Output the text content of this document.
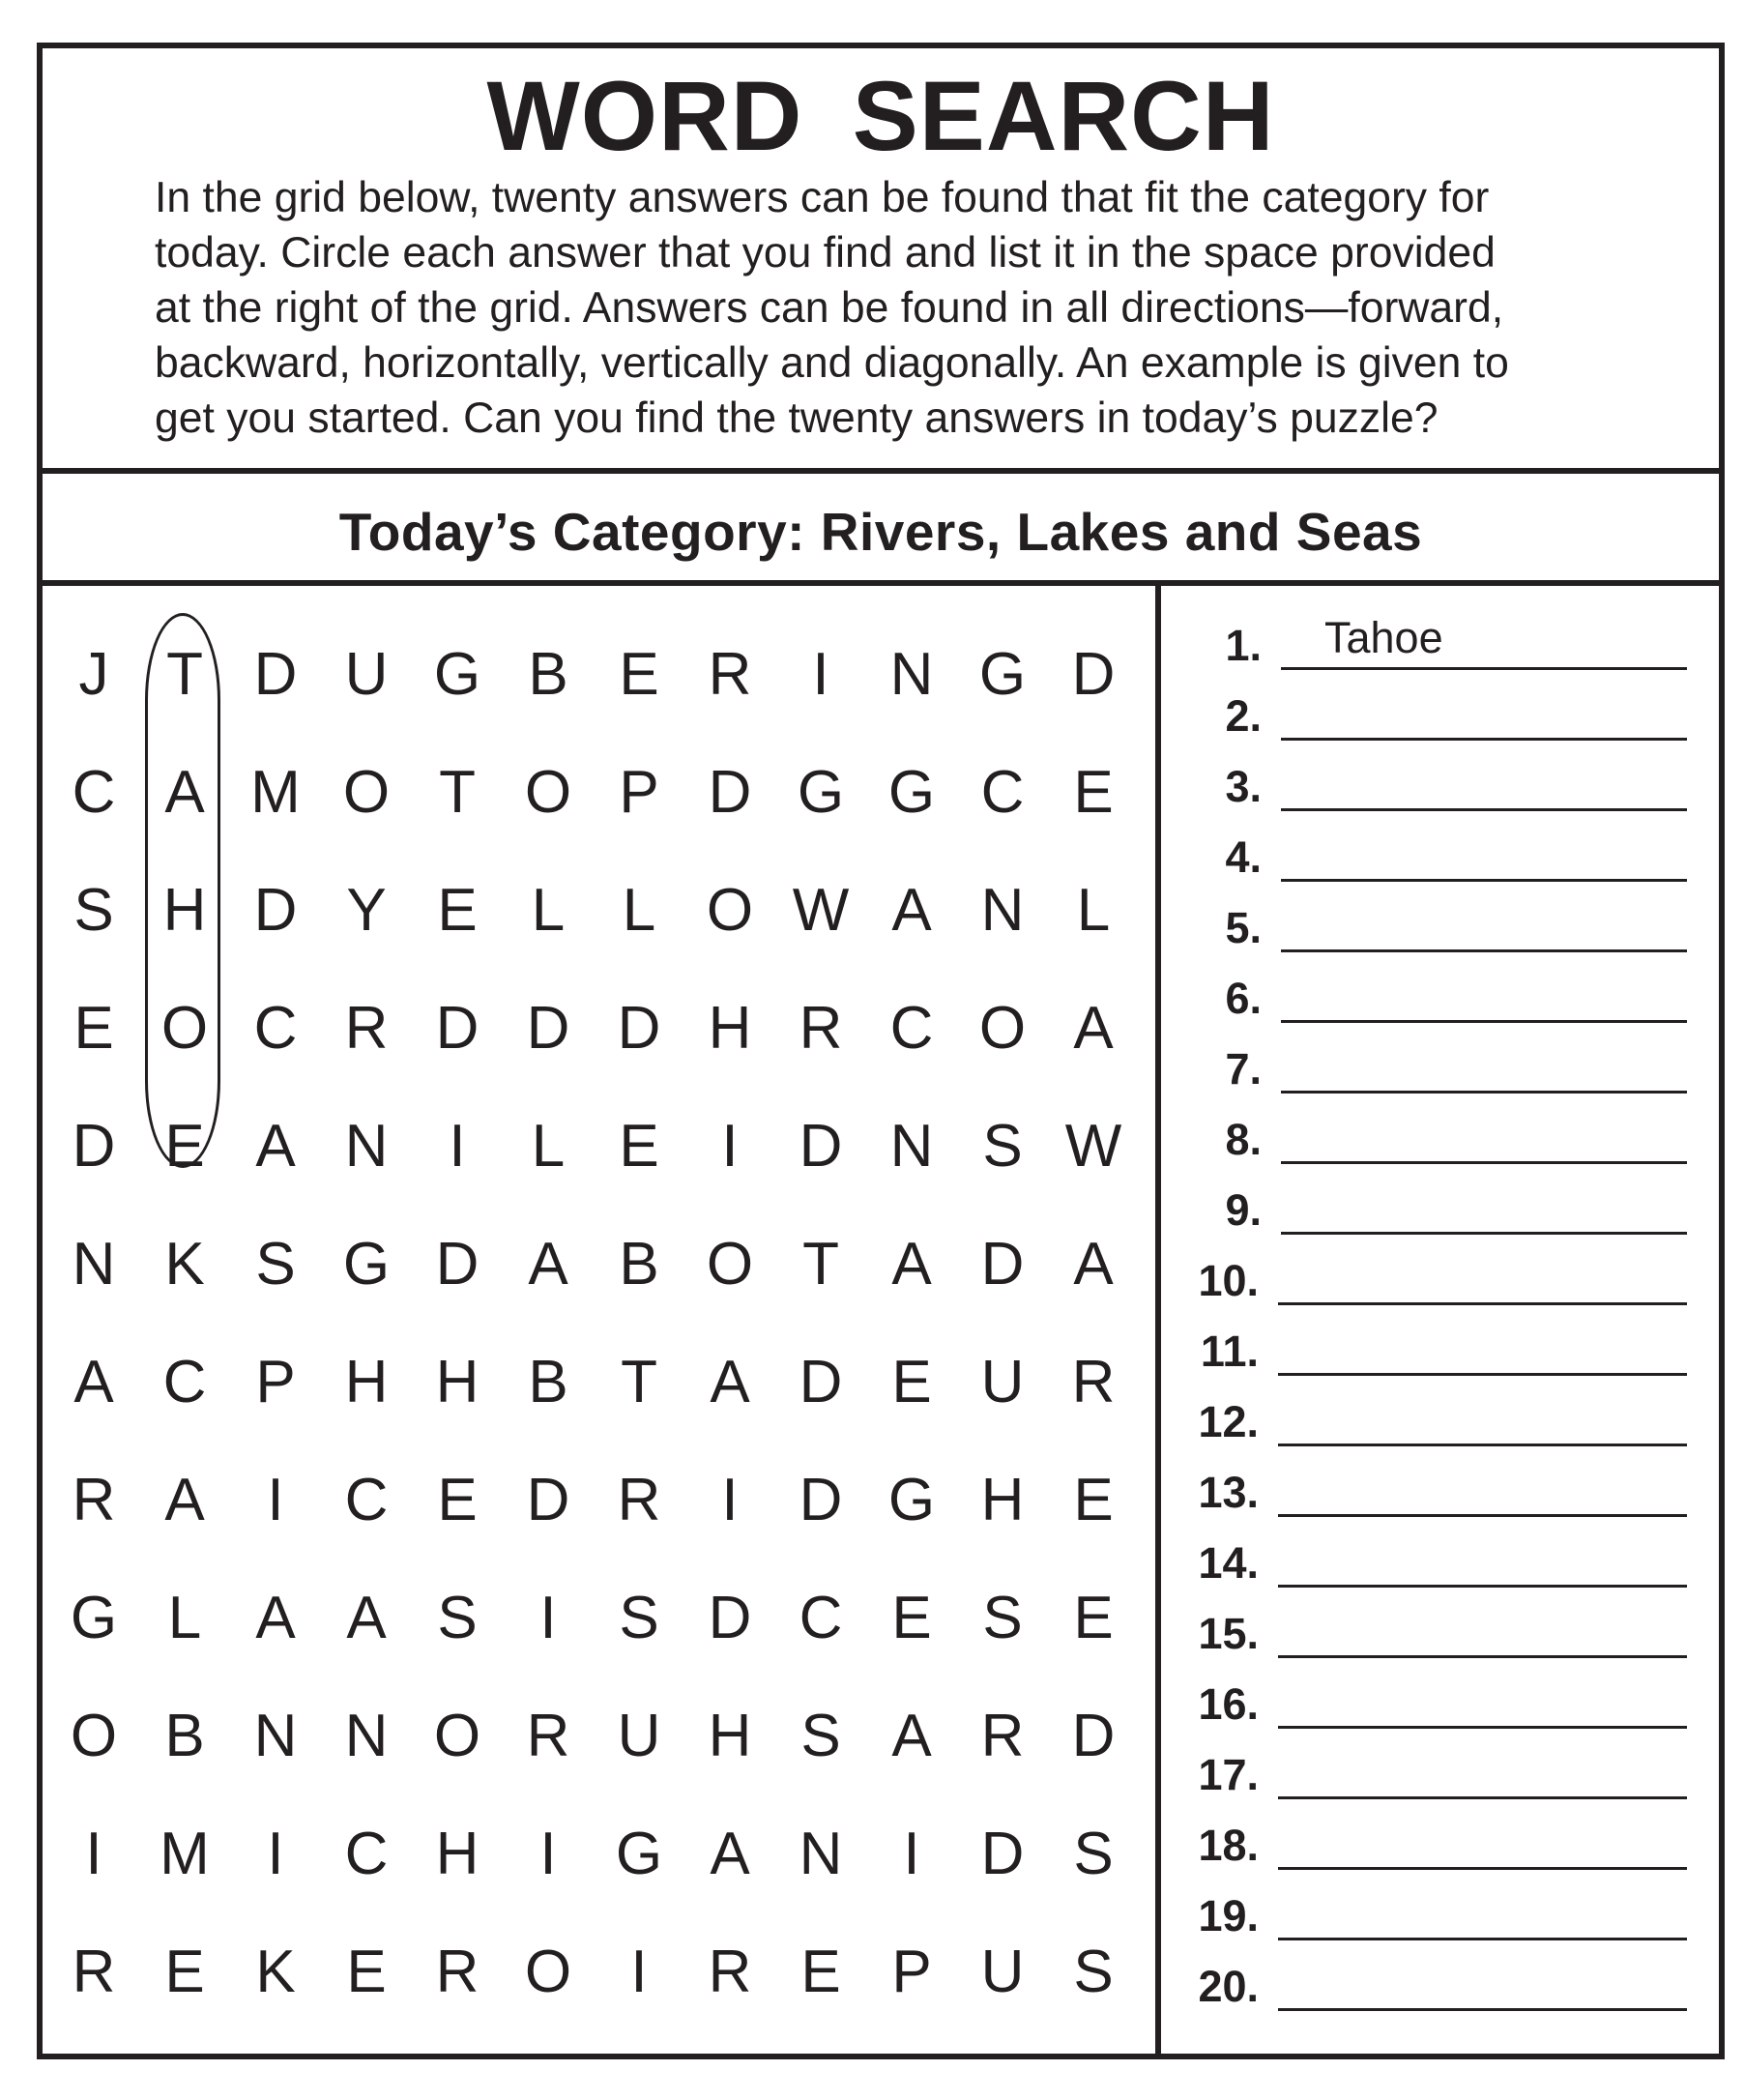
WORD SEARCH
In the grid below, twenty answers can be found that fit the category for
today. Circle each answer that you find and list it in the space provided
at the right of the grid. Answers can be found in all directions—forward,
backward, horizontally, vertically and diagonally. An example is given to
get you started. Can you find the twenty answers in today’s puzzle?
Today’s Category: Rivers, Lakes and Seas
J T D U G B E R	I	N G D
C A M O T O P D G G C E
S H D Y E L L O W A N L
E O C R D D D H R C O A
D E A N	I	L E	I	D N S W
N K S G D A B O T A D A
A C P H H B T A D E U R
R A	I	C E D R	I	D G H E
G L A A S	I	S D C E S E
O B N N O R U H S A R D
I M I	C H	I G A N	I	D S
R E K E R O I	R E P U S
1. Tahoe
2.
3.
4.
5.
6.
7.
8.
9.
10.
11.
12.
13.
14.
15.
16.
17.
18.
19.
20.
